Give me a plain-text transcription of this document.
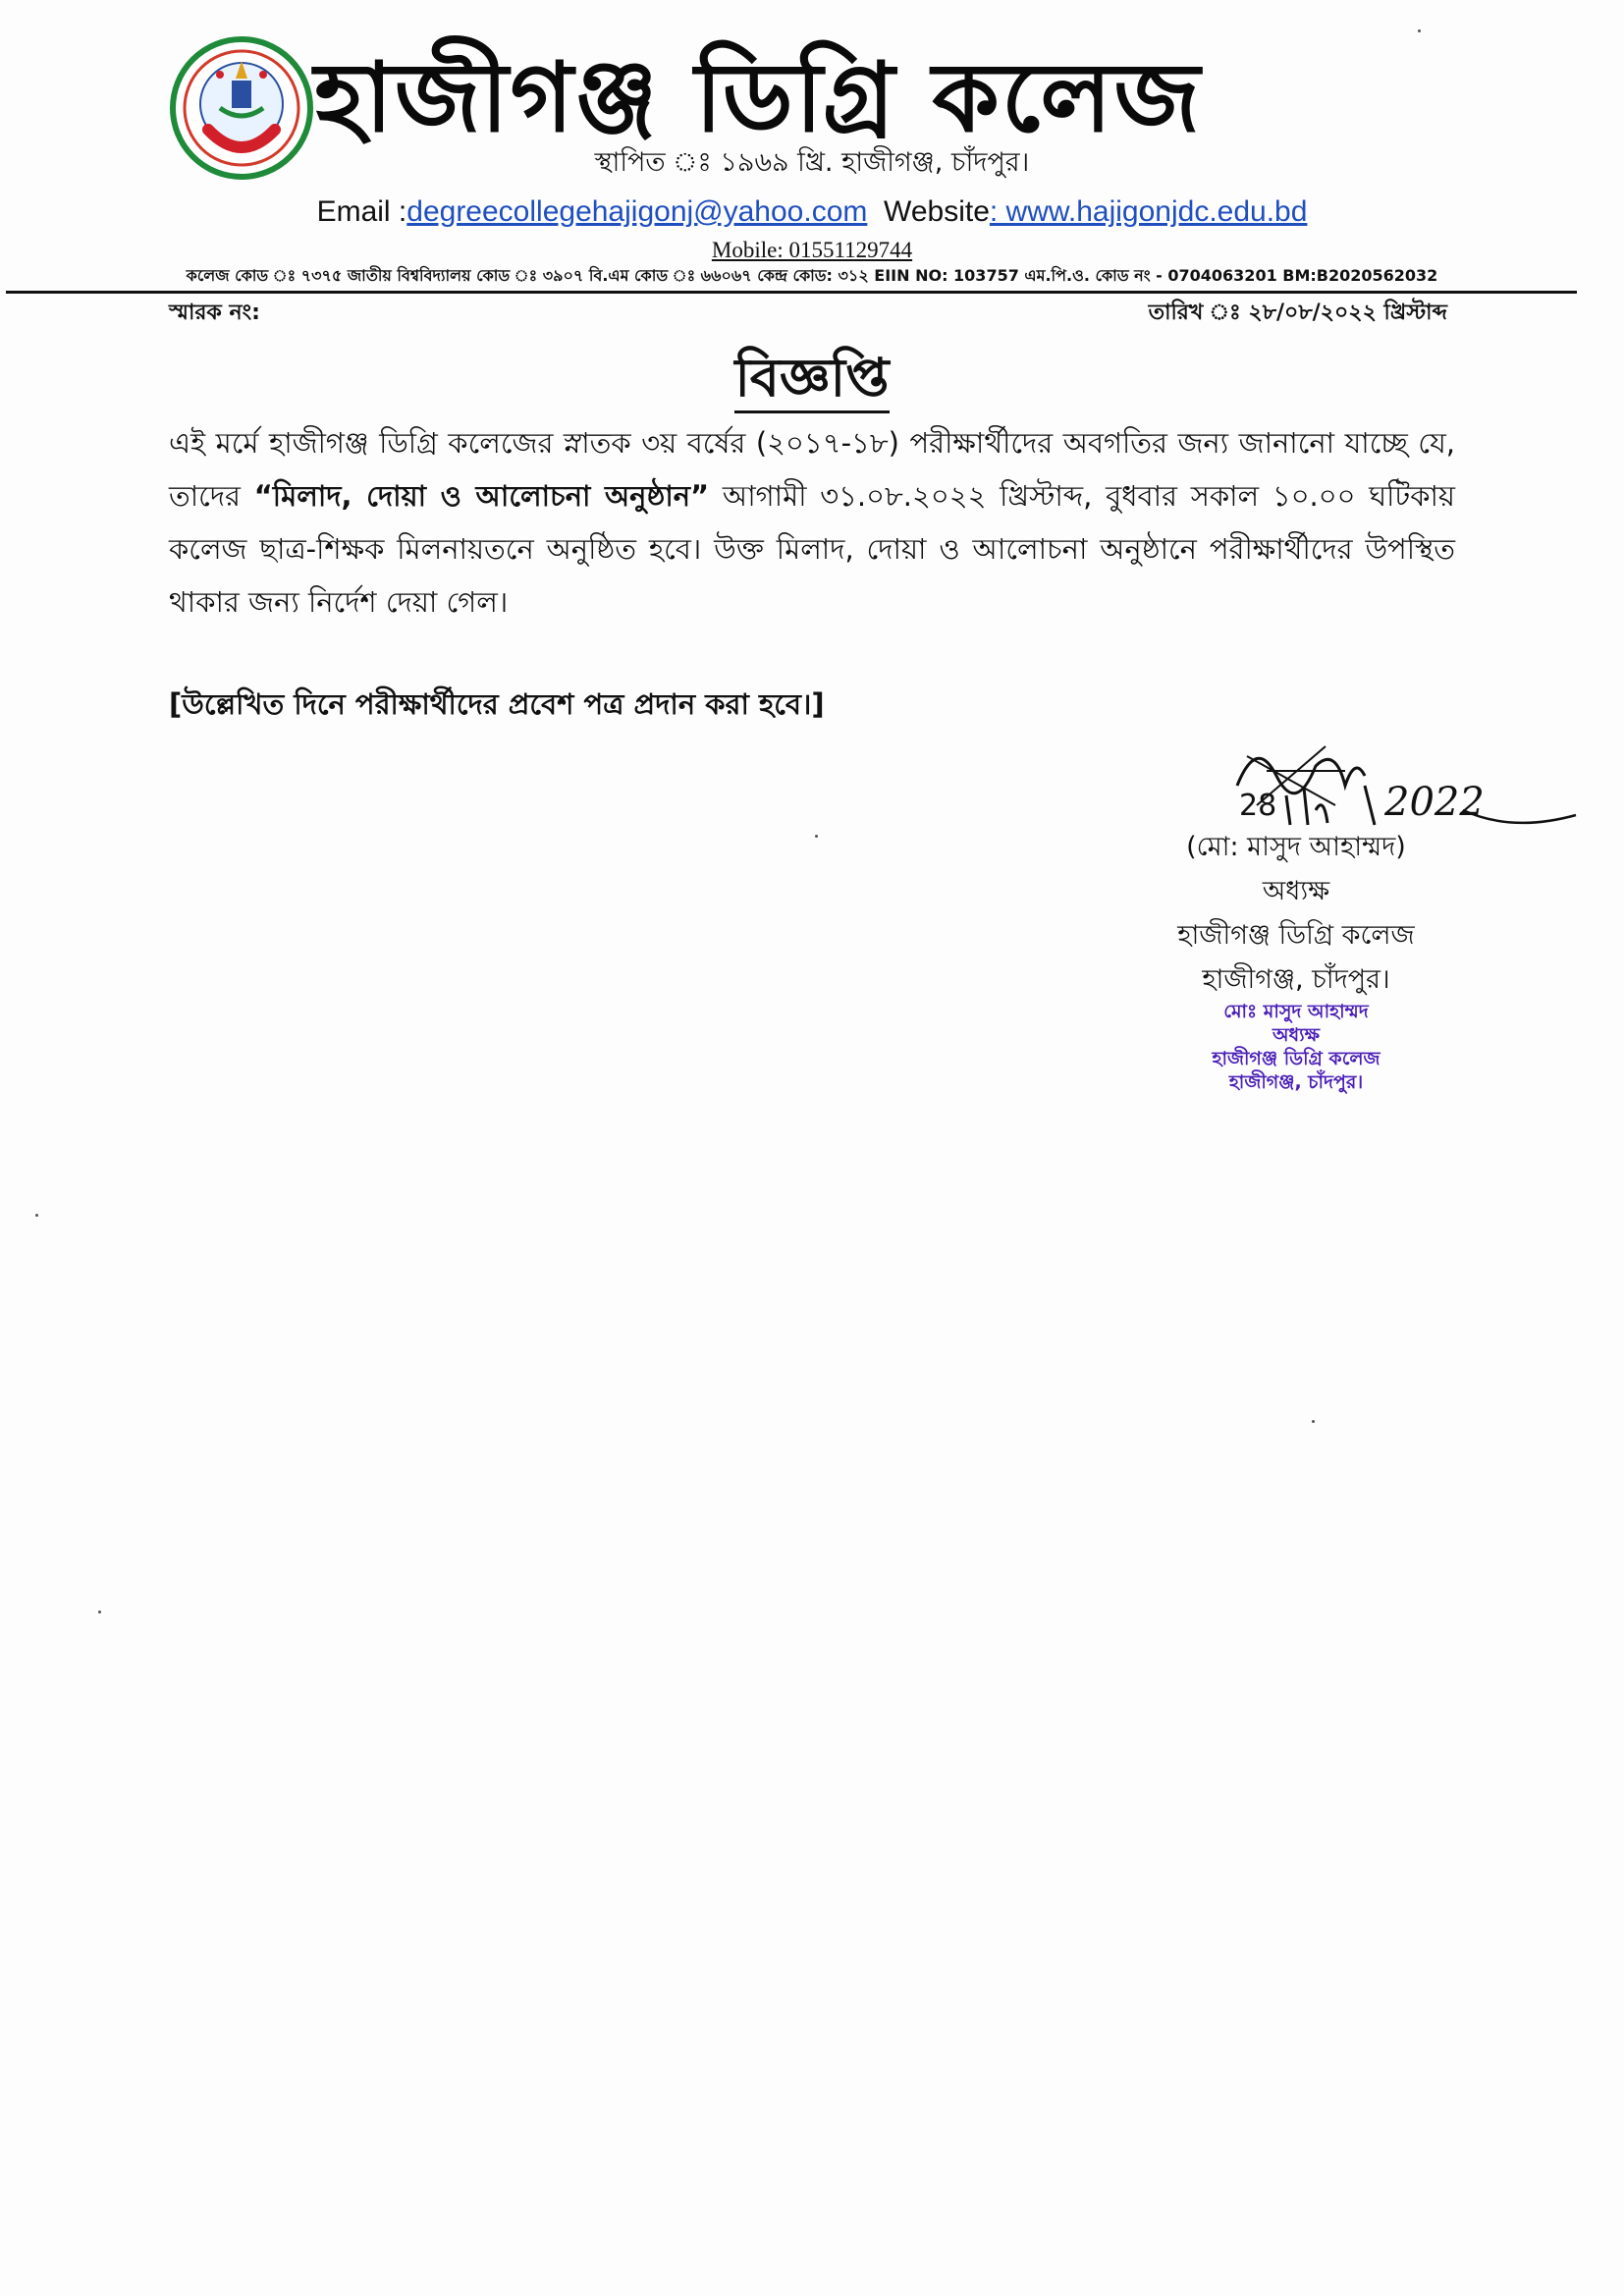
হাজীগঞ্জ ডিগ্রি কলেজ
স্থাপিত ঃ ১৯৬৯ খ্রি. হাজীগঞ্জ, চাঁদপুর।
Email :degreecollegehajigonj@yahoo.com Website: www.hajigonjdc.edu.bd
Mobile: 01551129744
কলেজ কোড ঃ ৭৩৭৫ জাতীয় বিশ্ববিদ্যালয় কোড ঃ ৩৯০৭ বি.এম কোড ঃ ৬৬০৬৭ কেন্দ্র কোড: ৩১২ EIIN NO: 103757 এম.পি.ও. কোড নং - 0704063201 BM:B2020562032
স্মারক নং:	তারিখ ঃ ২৮/০৮/২০২২ খ্রিস্টাব্দ
বিজ্ঞপ্তি
এই মর্মে হাজীগঞ্জ ডিগ্রি কলেজের স্নাতক ৩য় বর্ষের (২০১৭-১৮) পরীক্ষার্থীদের অবগতির জন্য জানানো যাচ্ছে যে, তাদের “মিলাদ, দোয়া ও আলোচনা অনুষ্ঠান” আগামী ৩১.০৮.২০২২ খ্রিস্টাব্দ, বুধবার সকাল ১০.০০ ঘটিকায় কলেজ ছাত্র-শিক্ষক মিলনায়তনে অনুষ্ঠিত হবে। উক্ত মিলাদ, দোয়া ও আলোচনা অনুষ্ঠানে পরীক্ষার্থীদের উপস্থিত থাকার জন্য নির্দেশ দেয়া গেল।
[উল্লেখিত দিনে পরীক্ষার্থীদের প্রবেশ পত্র প্রদান করা হবে।]
28	2022
(মো: মাসুদ আহাম্মদ)
অধ্যক্ষ
হাজীগঞ্জ ডিগ্রি কলেজ
হাজীগঞ্জ, চাঁদপুর।
মোঃ মাসুদ আহাম্মদ
অধ্যক্ষ
হাজীগঞ্জ ডিগ্রি কলেজ
হাজীগঞ্জ, চাঁদপুর।
